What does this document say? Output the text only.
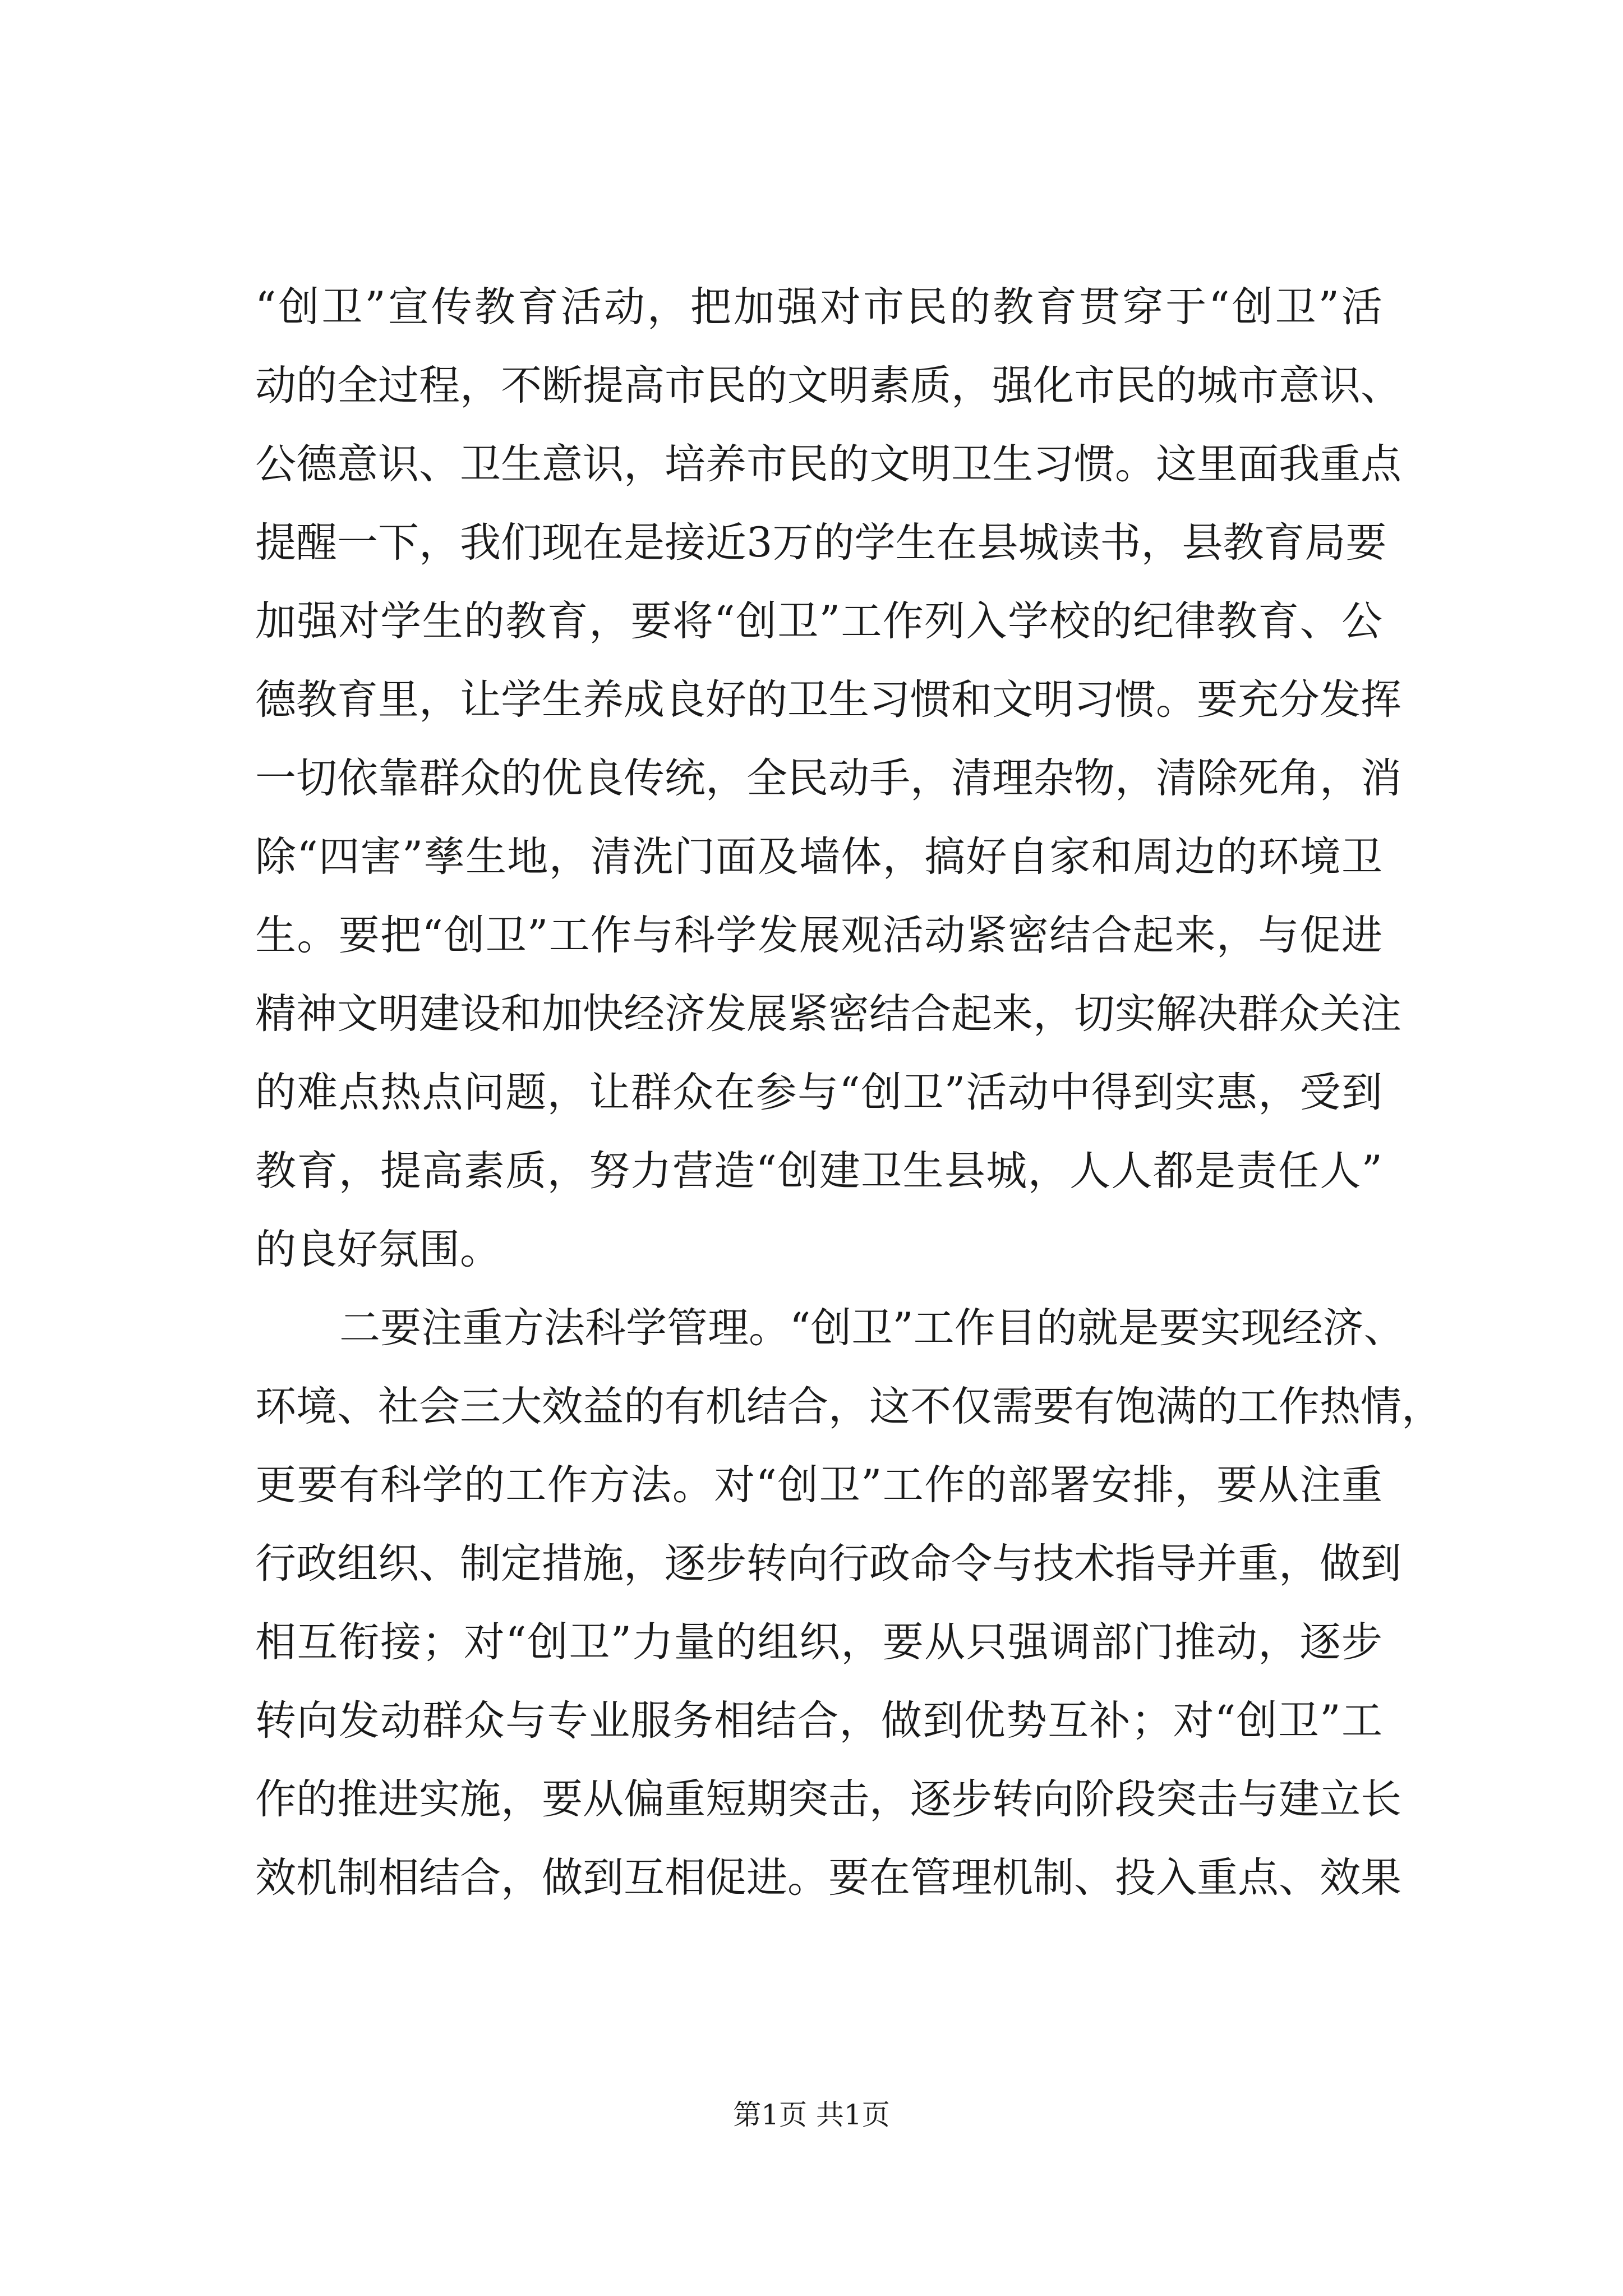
“创卫”宣传教育活动，把加强对市民的教育贯穿于“创卫”活
动的全过程，不断提高市民的文明素质，强化市民的城市意识、
公德意识、卫生意识，培养市民的文明卫生习惯。这里面我重点
提醒一下，我们现在是接近3万的学生在县城读书，县教育局要
加强对学生的教育，要将“创卫”工作列入学校的纪律教育、公
德教育里，让学生养成良好的卫生习惯和文明习惯。要充分发挥
一切依靠群众的优良传统，全民动手，清理杂物，清除死角，消
除“四害”孳生地，清洗门面及墙体，搞好自家和周边的环境卫
生。要把“创卫”工作与科学发展观活动紧密结合起来，与促进
精神文明建设和加快经济发展紧密结合起来，切实解决群众关注
的难点热点问题，让群众在参与“创卫”活动中得到实惠，受到
教育，提高素质，努力营造“创建卫生县城，人人都是责任人”
的良好氛围。
二要注重方法科学管理。“创卫”工作目的就是要实现经济、
环境、社会三大效益的有机结合，这不仅需要有饱满的工作热情，
更要有科学的工作方法。对“创卫”工作的部署安排，要从注重
行政组织、制定措施，逐步转向行政命令与技术指导并重，做到
相互衔接；对“创卫”力量的组织，要从只强调部门推动，逐步
转向发动群众与专业服务相结合，做到优势互补；对“创卫”工
作的推进实施，要从偏重短期突击，逐步转向阶段突击与建立长
效机制相结合，做到互相促进。要在管理机制、投入重点、效果
第1页 共1页
